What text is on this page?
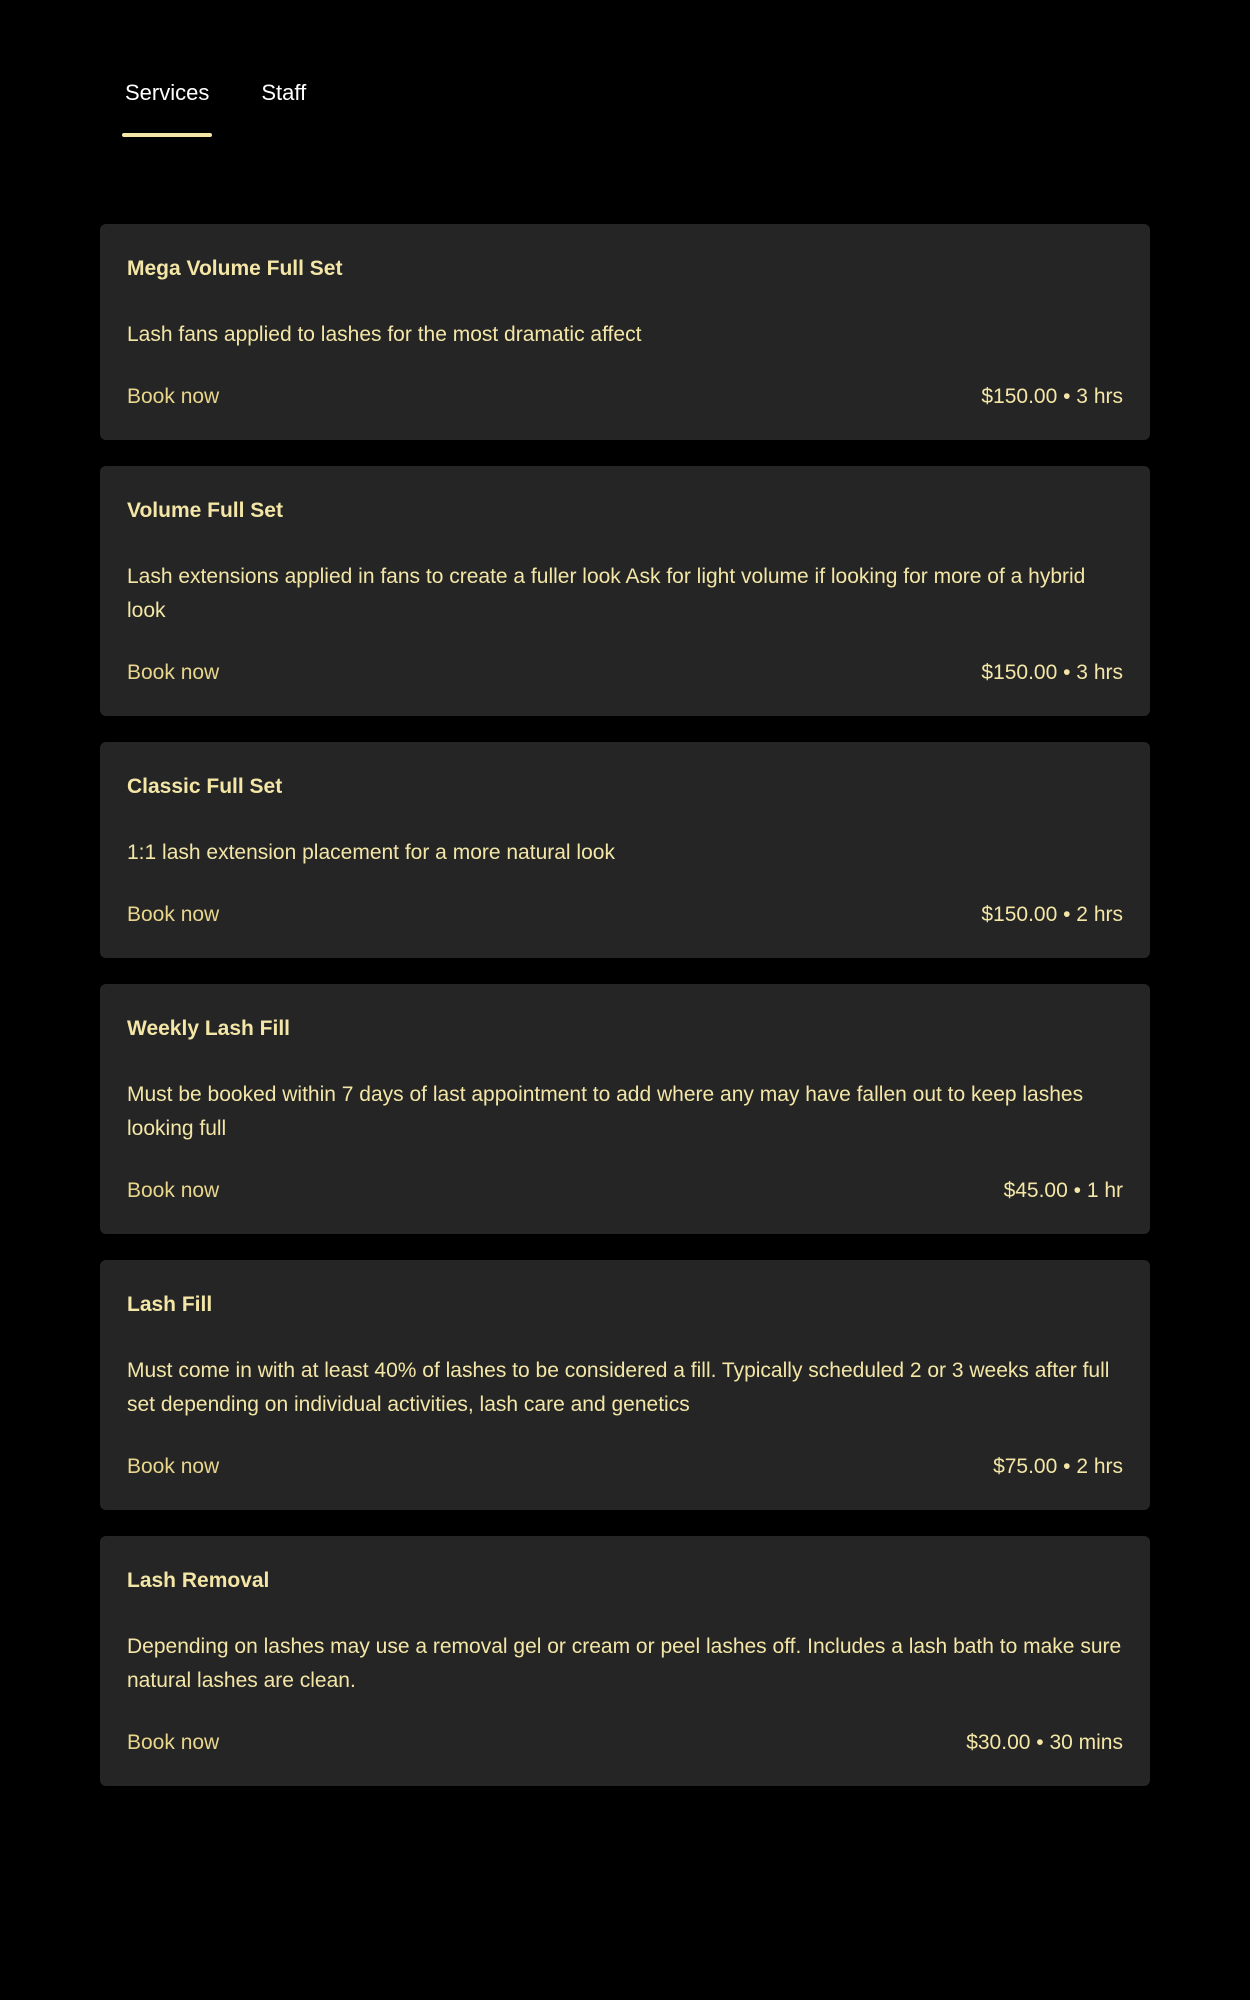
Services Staff
Mega Volume Full Set
Lash fans applied to lashes for the most dramatic affect
Book now	$150.00 • 3 hrs
Volume Full Set
Lash extensions applied in fans to create a fuller look Ask for light volume if looking for more of a hybrid look
Book now	$150.00 • 3 hrs
Classic Full Set
1:1 lash extension placement for a more natural look
Book now	$150.00 • 2 hrs
Weekly Lash Fill
Must be booked within 7 days of last appointment to add where any may have fallen out to keep lashes looking full
Book now	$45.00 • 1 hr
Lash Fill
Must come in with at least 40% of lashes to be considered a fill. Typically scheduled 2 or 3 weeks after full set depending on individual activities, lash care and genetics
Book now	$75.00 • 2 hrs
Lash Removal
Depending on lashes may use a removal gel or cream or peel lashes off. Includes a lash bath to make sure natural lashes are clean.
Book now	$30.00 • 30 mins
